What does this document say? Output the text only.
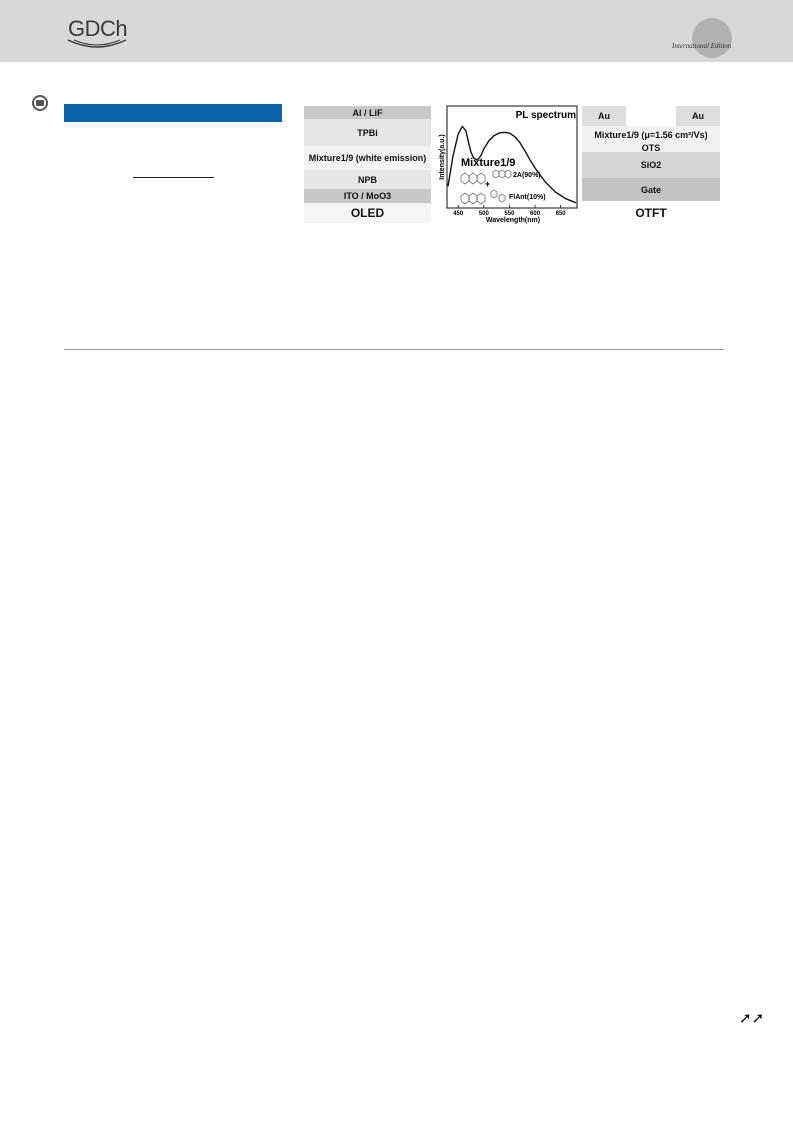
GDCh
International Edition
Al / LiF
TPBi
Mixture1/9 (white emission)
NPB
ITO / MoO3
OLED
PL spectrum
Mixture1/9
Intensity(a.u.)
Wavelength(nm)
450	500	550	600	650
2A(90%)
+
FlAnt(10%)
Au	Au
Mixture1/9 (μ=1.56 cm²/Vs)
OTS
SiO2
Gate
OTFT
➚➚
